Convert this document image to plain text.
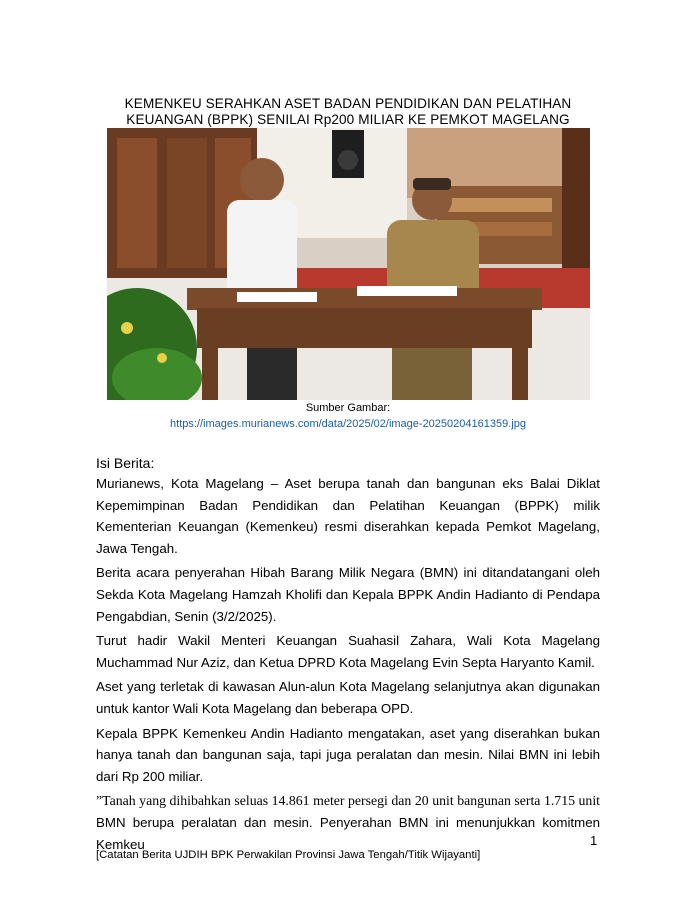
KEMENKEU SERAHKAN ASET BADAN PENDIDIKAN DAN PELATIHAN
KEUANGAN (BPPK) SENILAI Rp200 MILIAR KE PEMKOT MAGELANG
Sumber Gambar:
https://images.murianews.com/data/2025/02/image-20250204161359.jpg
Isi Berita:

Murianews, Kota Magelang – Aset berupa tanah dan bangunan eks Balai Diklat Kepemimpinan Badan Pendidikan dan Pelatihan Keuangan (BPPK) milik Kementerian Keuangan (Kemenkeu) resmi diserahkan kepada Pemkot Magelang, Jawa Tengah.

Berita acara penyerahan Hibah Barang Milik Negara (BMN) ini ditandatangani oleh Sekda Kota Magelang Hamzah Kholifi dan Kepala BPPK Andin Hadianto di Pendapa Pengabdian, Senin (3/2/2025).

Turut hadir Wakil Menteri Keuangan Suahasil Zahara, Wali Kota Magelang Muchammad Nur Aziz, dan Ketua DPRD Kota Magelang Evin Septa Haryanto Kamil.

Aset yang terletak di kawasan Alun-alun Kota Magelang selanjutnya akan digunakan untuk kantor Wali Kota Magelang dan beberapa OPD.

Kepala BPPK Kemenkeu Andin Hadianto mengatakan, aset yang diserahkan bukan hanya tanah dan bangunan saja, tapi juga peralatan dan mesin. Nilai BMN ini lebih dari Rp 200 miliar.

”Tanah yang dihibahkan seluas 14.861 meter persegi dan 20 unit bangunan serta 1.715 unit BMN berupa peralatan dan mesin. Penyerahan BMN ini menunjukkan komitmen Kemkeu	1
[Catatan Berita UJDIH BPK Perwakilan Provinsi Jawa Tengah/Titik Wijayanti]
